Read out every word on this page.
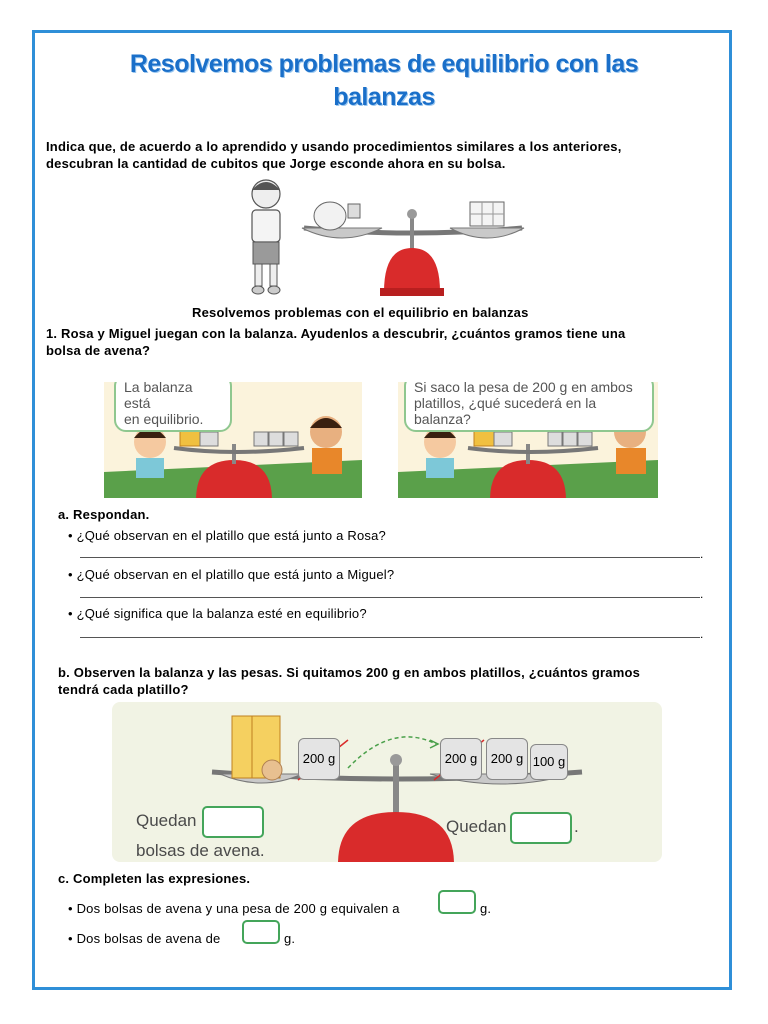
Resolvemos problemas de equilibrio con las
balanzas
Indica que, de acuerdo a lo aprendido y usando procedimientos similares a los anteriores,
descubran la cantidad de cubitos que Jorge esconde ahora en su bolsa.
Resolvemos problemas con el equilibrio en balanzas
1. Rosa y Miguel juegan con la balanza. Ayudenlos a descubrir, ¿cuántos gramos tiene una
bolsa de avena?
La balanza está
en equilibrio.
Si saco la pesa de 200 g en ambos
platillos, ¿qué sucederá en la balanza?
a. Respondan.
• ¿Qué observan en el platillo que está junto a Rosa?
.
• ¿Qué observan en el platillo que está junto a Miguel?
.
• ¿Qué significa que la balanza esté en equilibrio?
.
b. Observen la balanza y las pesas. Si quitamos 200 g en ambos platillos, ¿cuántos gramos
tendrá cada platillo?
200 g	200 g	200 g 100 g
Quedan
bolsas de avena.
Quedan	.
c. Completen las expresiones.
• Dos bolsas de avena y una pesa de 200 g equivalen a	g.
• Dos bolsas de avena de	g.
